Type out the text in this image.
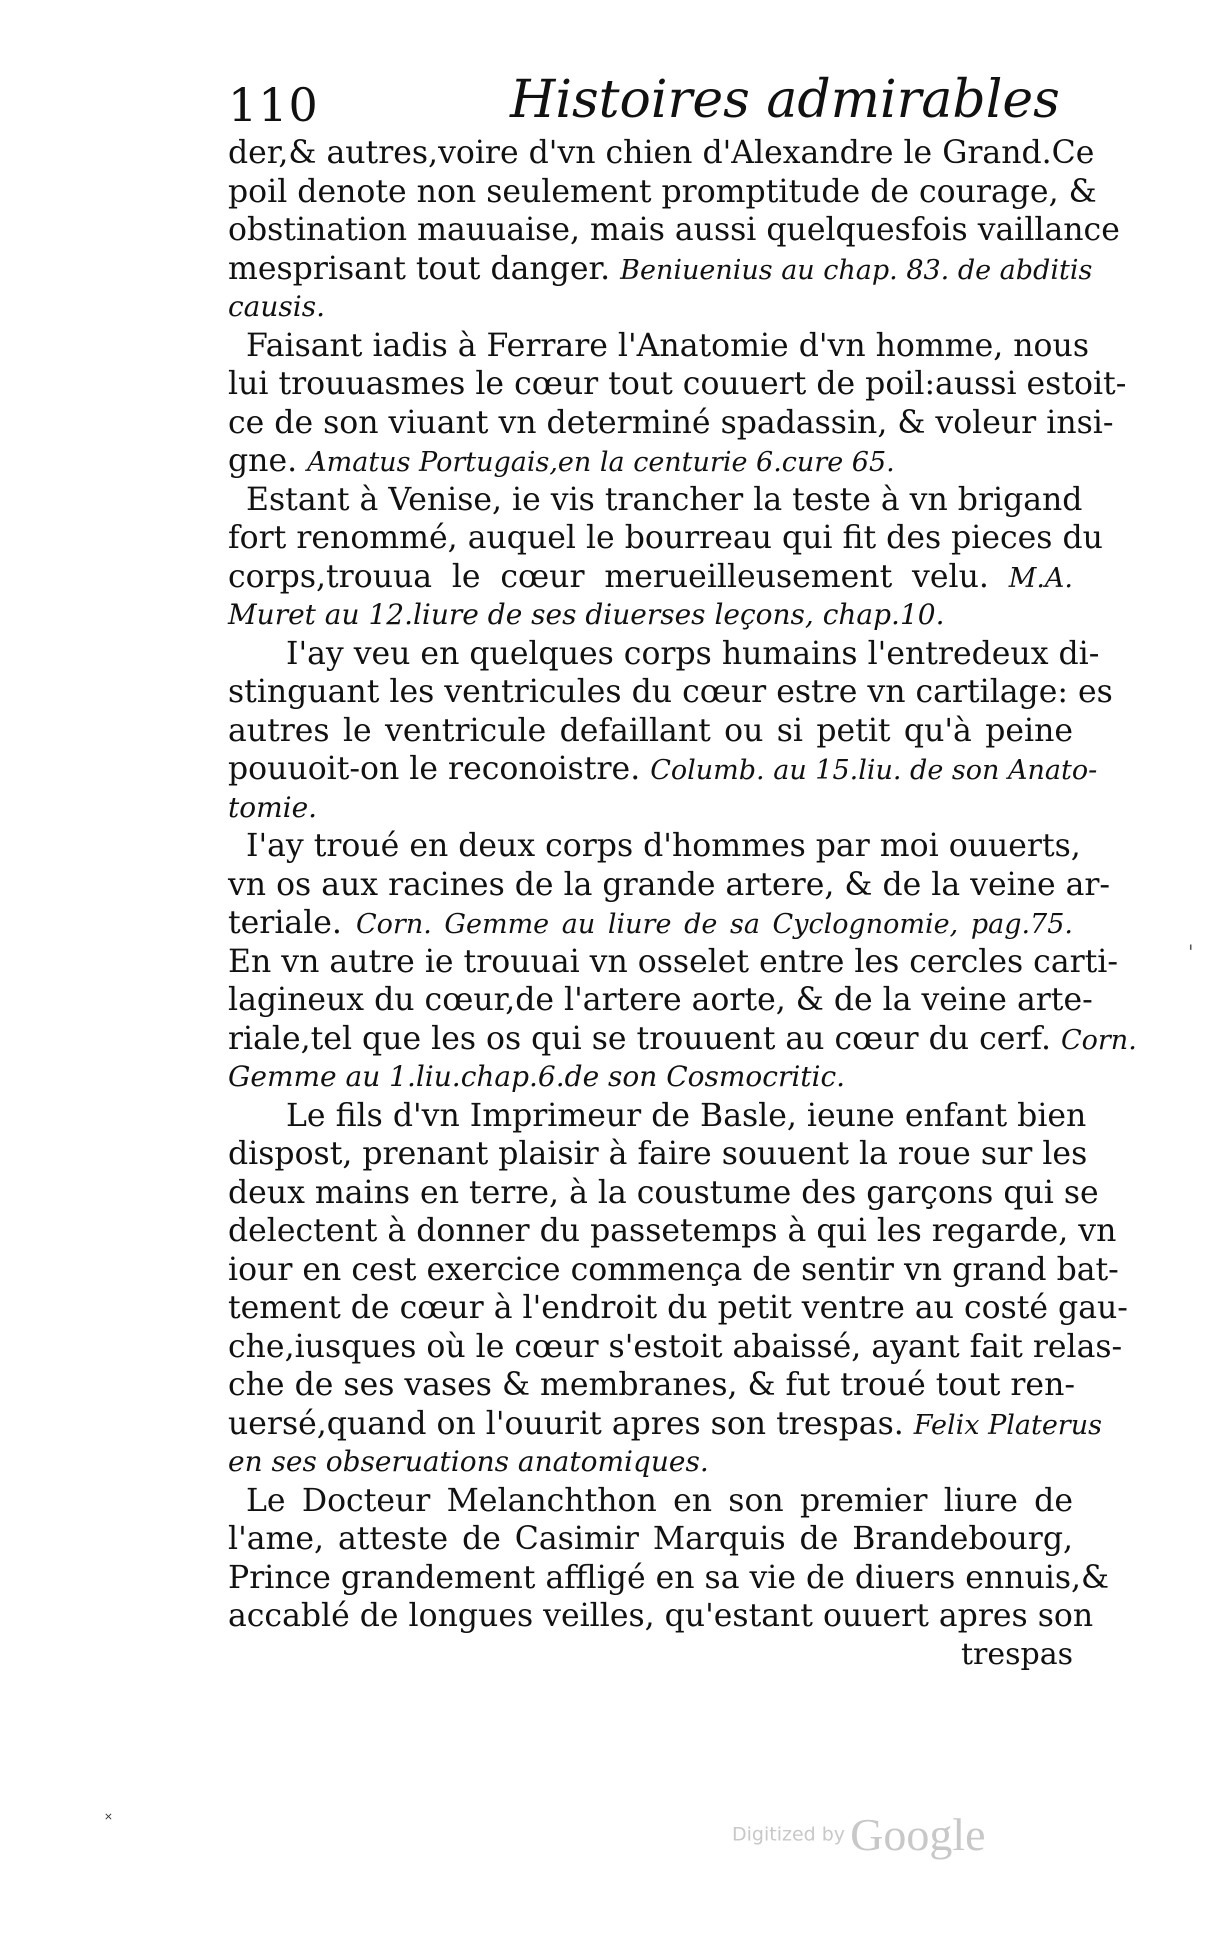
110	Histoires admirables
der,& autres,voire d'vn chien d'Alexandre le Grand.Ce
poil denote non seulement promptitude de courage, &
obstination mauuaise, mais aussi quelquesfois vaillance
mesprisant tout danger. Beniuenius au chap. 83. de abditis
causis.
Faisant iadis à Ferrare l'Anatomie d'vn homme, nous
lui trouuasmes le cœur tout couuert de poil:aussi estoit-
ce de son viuant vn determiné spadassin, & voleur insi-
gne. Amatus Portugais,en la centurie 6.cure 65.
Estant à Venise, ie vis trancher la teste à vn brigand
fort renommé, auquel le bourreau qui fit des pieces du
corps,trouua le cœur merueilleusement velu. M.A.
Muret au 12.liure de ses diuerses leçons, chap.10.
I'ay veu en quelques corps humains l'entredeux di-
stinguant les ventricules du cœur estre vn cartilage: es
autres le ventricule defaillant ou si petit qu'à peine
pouuoit-on le reconoistre. Columb. au 15.liu. de son Anato-
tomie.
I'ay troué en deux corps d'hommes par moi ouuerts,
vn os aux racines de la grande artere, & de la veine ar-
teriale. Corn. Gemme au liure de sa Cyclognomie, pag.75.
En vn autre ie trouuai vn osselet entre les cercles carti-
lagineux du cœur,de l'artere aorte, & de la veine arte-
riale,tel que les os qui se trouuent au cœur du cerf. Corn.
Gemme au 1.liu.chap.6.de son Cosmocritic.
Le fils d'vn Imprimeur de Basle, ieune enfant bien
dispost, prenant plaisir à faire souuent la roue sur les
deux mains en terre, à la coustume des garçons qui se
delectent à donner du passetemps à qui les regarde, vn
iour en cest exercice commença de sentir vn grand bat-
tement de cœur à l'endroit du petit ventre au costé gau-
che,iusques où le cœur s'estoit abaissé, ayant fait relas-
che de ses vases & membranes, & fut troué tout ren-
uersé,quand on l'ouurit apres son trespas. Felix Platerus
en ses obseruations anatomiques.
Le Docteur Melanchthon en son premier liure de
l'ame, atteste de Casimir Marquis de Brandebourg,
Prince grandement affligé en sa vie de diuers ennuis,&
accablé de longues veilles, qu'estant ouuert apres son
trespas
'
˟
Digitized by Google
